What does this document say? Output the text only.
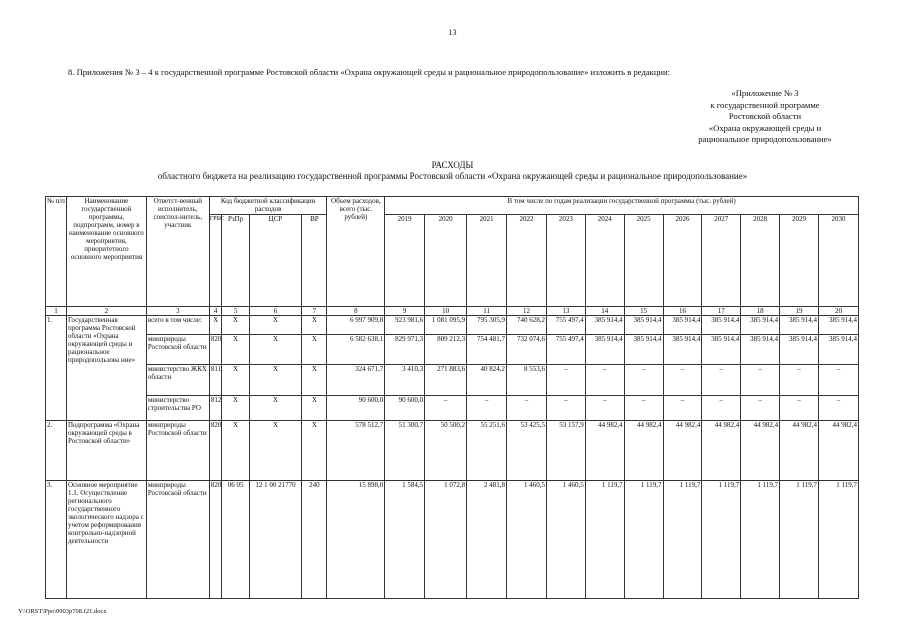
13
8. Приложения № 3 – 4 к государственной программе Ростовской области «Охрана окружающей среды и рациональное природопользование» изложить в редакции:
«Приложение № 3
к государственной программе
Ростовской области
«Охрана окружающей среды и
рациональное природопользование»
РАСХОДЫ
областного бюджета на реализацию государственной программы Ростовской области «Охрана окружающей среды и рациональное природопользование»
№ п/п	Наименование государственной программы, подпрограмм, номер в наименование основного мероприятия, приоритетного основного мероприятия	Ответст-венный исполнитель, соиспол-нитель, участник	Код бюджетной классификации расходов				Объем расходов, всего (тыс. рублей)	В том числе по годам реализации государственной программы (тыс. рублей)											
			ГРБС	РзПр	ЦСР	ВР		2019	2020	2021	2022	2023	2024	2025	2026	2027	2028	2029	2030
1	2	3	4	5	6	7	8	9	10	11	12	13	14	15	16	17	18	19	20
1.	Государственная программа Ростовской области «Охрана окружающей среды и рациональное природопользова ние»	всего в том числе:	Х	Х	Х	Х	6 997 909,8	923 981,6	1 081 095,9	795 305,9	740 628,2	755 497,4	385 914,4	385 914,4	385 914,4	385 914,4	385 914,4	385 914,4	385 914,4
		минприроды Ростовской области	820	Х	Х	Х	6 582 638,1	829 971,3	809 212,3	754 481,7	732 074,6	755 497,4	385 914,4	385 914,4	385 914,4	385 914,4	385 914,4	385 914,4	385 914,4
		министерство ЖКХ области	811	Х	Х	Х	324 671,7	3 410,3	271 883,6	40 824,2	8 553,6	–	–	–	–	–	–	–	–
		министерство строительства РО	812	Х	Х	Х	90 600,0	90 600,0	–	–	–	–	–	–	–	–	–	–	–
2.	Подпрограмма «Охрана окружающей среды в Ростовской области»	минприроды Ростовской области	820	Х	Х	Х	578 512,7	51 300,7	50 500,2	55 251,6	53 425,5	53 157,9	44 982,4	44 982,4	44 982,4	44 982,4	44 982,4	44 982,4	44 982,4
3.	Основное мероприятие 1.1. Осуществление регионального государственного экологического надзора с учетом реформирования контрольно-надзорной деятельности	минприроды Ростовской области	820	06 05	12 1 00 21770	240	15 898,0	1 584,5	1 072,8	2 481,8	1 460,5	1 460,5	1 119,7	1 119,7	1 119,7	1 119,7	1 119,7	1 119,7	1 119,7
Y:\ORST\Ppo\0903p708.f21.docx
